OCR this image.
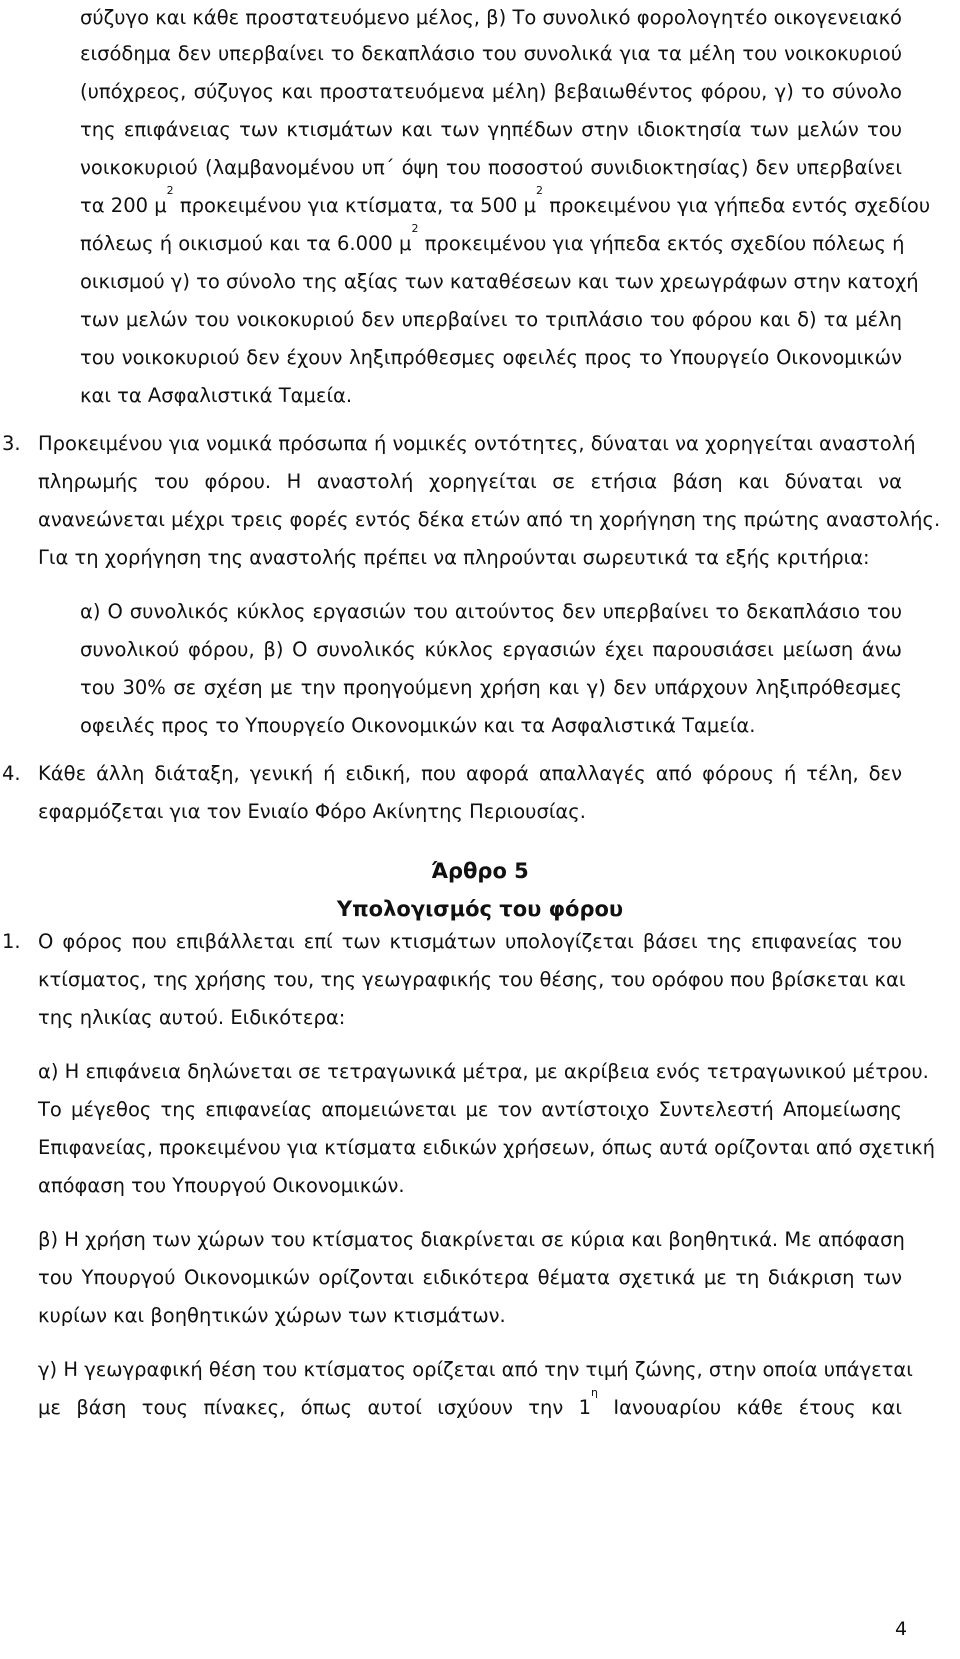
σύζυγο και κάθε προστατευόμενο μέλος, β) Το συνολικό φορολογητέο οικογενειακό
εισόδημα δεν υπερβαίνει το δεκαπλάσιο του συνολικά για τα μέλη του νοικοκυριού
(υπόχρεος, σύζυγος και προστατευόμενα μέλη) βεβαιωθέντος φόρου, γ) το σύνολο
της επιφάνειας των κτισμάτων και των γηπέδων στην ιδιοκτησία των μελών του
νοικοκυριού (λαμβανομένου υπ΄ όψη του ποσοστού συνιδιοκτησίας) δεν υπερβαίνει
τα 200 $\mu^2$ προκειμένου για κτίσματα, τα 500 $\mu^2$ προκειμένου για γήπεδα εντός σχεδίου
πόλεως ή οικισμού και τα 6.000 $\mu^2$ προκειμένου για γήπεδα εκτός σχεδίου πόλεως ή
οικισμού γ) το σύνολο της αξίας των καταθέσεων και των χρεωγράφων στην κατοχή
των μελών του νοικοκυριού δεν υπερβαίνει το τριπλάσιο του φόρου και δ) τα μέλη
του νοικοκυριού δεν έχουν ληξιπρόθεσμες οφειλές προς το Υπουργείο Οικονομικών
και τα Ασφαλιστικά Ταμεία.
3. Προκειμένου για νομικά πρόσωπα ή νομικές οντότητες, δύναται να χορηγείται αναστολή
πληρωμής του φόρου. Η αναστολή χορηγείται σε ετήσια βάση και δύναται να
ανανεώνεται μέχρι τρεις φορές εντός δέκα ετών από τη χορήγηση της πρώτης αναστολής.
Για τη χορήγηση της αναστολής πρέπει να πληρούνται σωρευτικά τα εξής κριτήρια:
α) Ο συνολικός κύκλος εργασιών του αιτούντος δεν υπερβαίνει το δεκαπλάσιο του
συνολικού φόρου, β) Ο συνολικός κύκλος εργασιών έχει παρουσιάσει μείωση άνω
του 30% σε σχέση με την προηγούμενη χρήση και γ) δεν υπάρχουν ληξιπρόθεσμες
οφειλές προς το Υπουργείο Οικονομικών και τα Ασφαλιστικά Ταμεία.
4. Κάθε άλλη διάταξη, γενική ή ειδική, που αφορά απαλλαγές από φόρους ή τέλη, δεν
εφαρμόζεται για τον Ενιαίο Φόρο Ακίνητης Περιουσίας.
Άρθρο 5
Υπολογισμός του φόρου
1. Ο φόρος που επιβάλλεται επί των κτισμάτων υπολογίζεται βάσει της επιφανείας του
κτίσματος, της χρήσης του, της γεωγραφικής του θέσης, του ορόφου που βρίσκεται και
της ηλικίας αυτού. Ειδικότερα:
α) Η επιφάνεια δηλώνεται σε τετραγωνικά μέτρα, με ακρίβεια ενός τετραγωνικού μέτρου.
Το μέγεθος της επιφανείας απομειώνεται με τον αντίστοιχο Συντελεστή Απομείωσης
Επιφανείας, προκειμένου για κτίσματα ειδικών χρήσεων, όπως αυτά ορίζονται από σχετική
απόφαση του Υπουργού Οικονομικών.
β) Η χρήση των χώρων του κτίσματος διακρίνεται σε κύρια και βοηθητικά. Με απόφαση
του Υπουργού Οικονομικών ορίζονται ειδικότερα θέματα σχετικά με τη διάκριση των
κυρίων και βοηθητικών χώρων των κτισμάτων.
γ) Η γεωγραφική θέση του κτίσματος ορίζεται από την τιμή ζώνης, στην οποία υπάγεται
με βάση τους πίνακες, όπως αυτοί ισχύουν την $1^\eta$ Ιανουαρίου κάθε έτους και
4
